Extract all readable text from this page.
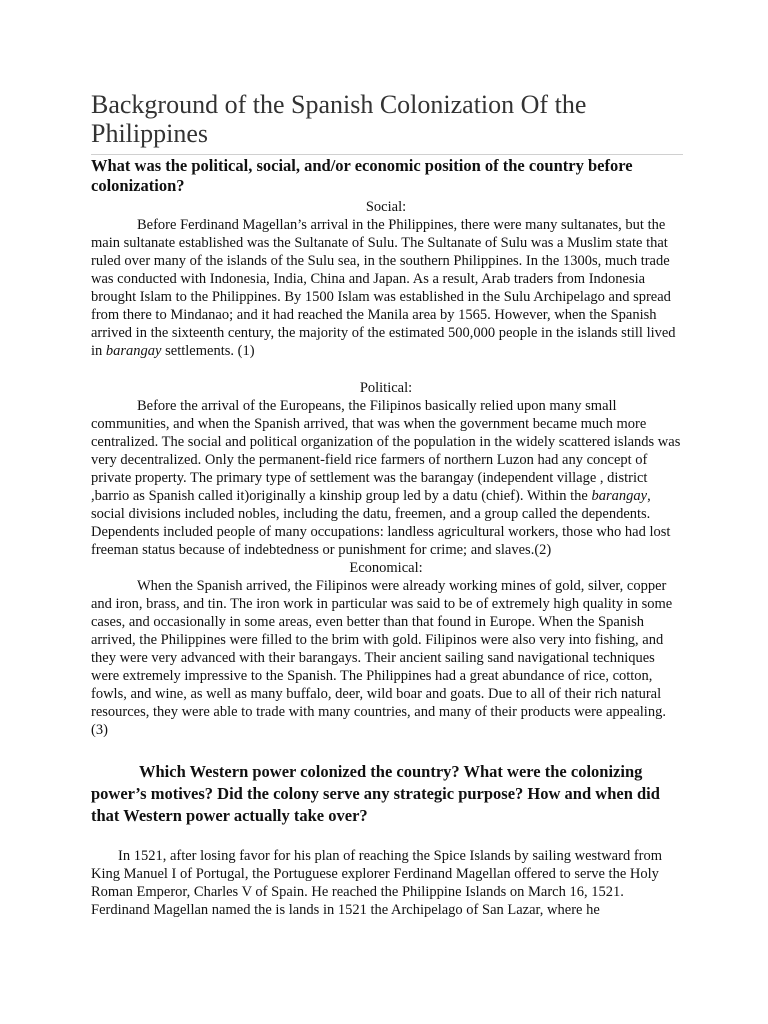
Background of the Spanish Colonization Of the Philippines

What was the political, social, and/or economic position of the country before colonization?

Social:

Before Ferdinand Magellan’s arrival in the Philippines, there were many sultanates, but the main sultanate established was the Sultanate of Sulu. The Sultanate of Sulu was a Muslim state that ruled over many of the islands of the Sulu sea, in the southern Philippines. In the 1300s, much trade was conducted with Indonesia, India, China and Japan. As a result, Arab traders from Indonesia brought Islam to the Philippines. By 1500 Islam was established in the Sulu Archipelago and spread from there to Mindanao; and it had reached the Manila area by 1565. However, when the Spanish arrived in the sixteenth century, the majority of the estimated 500,000 people in the islands still lived in barangay settlements. (1)

Political:

Before the arrival of the Europeans, the Filipinos basically relied upon many small communities, and when the Spanish arrived, that was when the government became much more centralized. The social and political organization of the population in the widely scattered islands was very decentralized. Only the permanent-field rice farmers of northern Luzon had any concept of private property. The primary type of settlement was the barangay (independent village , district ,barrio as Spanish called it)originally a kinship group led by a datu (chief). Within the barangay, social divisions included nobles, including the datu, freemen, and a group called the dependents. Dependents included people of many occupations: landless agricultural workers, those who had lost freeman status because of indebtedness or punishment for crime; and slaves.(2)

Economical:

When the Spanish arrived, the Filipinos were already working mines of gold, silver, copper and iron, brass, and tin. The iron work in particular was said to be of extremely high quality in some cases, and occasionally in some areas, even better than that found in Europe. When the Spanish arrived, the Philippines were filled to the brim with gold. Filipinos were also very into fishing, and they were very advanced with their barangays. Their ancient sailing sand navigational techniques were extremely impressive to the Spanish. The Philippines had a great abundance of rice, cotton, fowls, and wine, as well as many buffalo, deer, wild boar and goats. Due to all of their rich natural resources, they were able to trade with many countries, and many of their products were appealing.(3)

Which Western power colonized the country? What were the colonizing power’s motives? Did the colony serve any strategic purpose? How and when did that Western power actually take over?

In 1521, after losing favor for his plan of reaching the Spice Islands by sailing westward from King Manuel I of Portugal, the Portuguese explorer Ferdinand Magellan offered to serve the Holy Roman Emperor, Charles V of Spain. He reached the Philippine Islands on March 16, 1521. Ferdinand Magellan named the is lands in 1521 the Archipelago of San Lazar, where he
